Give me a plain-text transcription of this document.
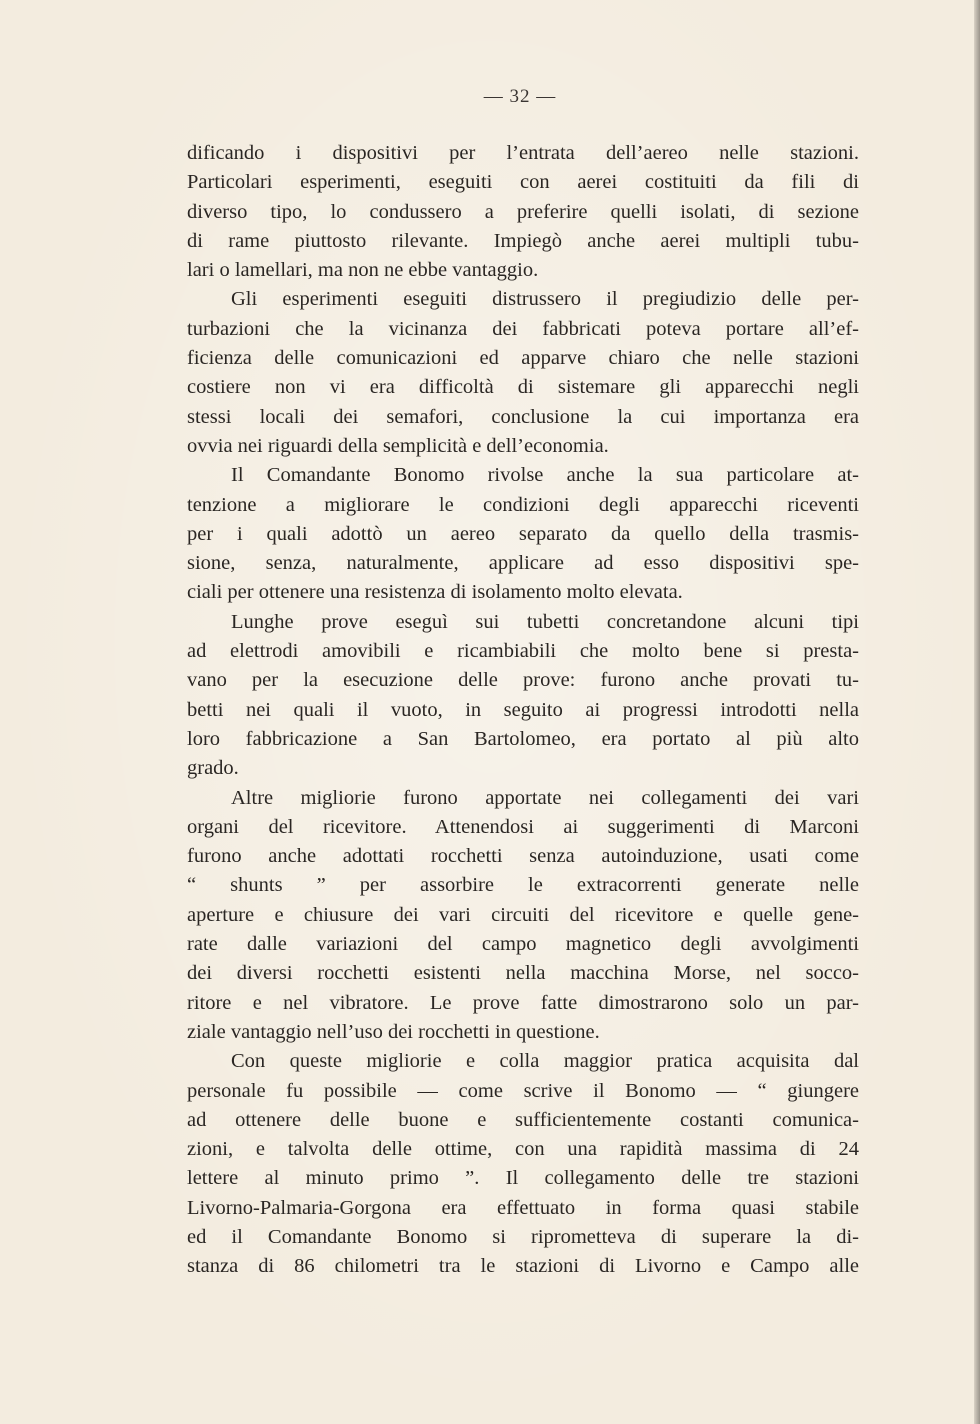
— 32 —
dificando i dispositivi per l’entrata dell’aereo nelle stazioni.
Particolari esperimenti, eseguiti con aerei costituiti da fili di
diverso tipo, lo condussero a preferire quelli isolati, di sezione
di rame piuttosto rilevante. Impiegò anche aerei multipli tubu-
lari o lamellari, ma non ne ebbe vantaggio.
Gli esperimenti eseguiti distrussero il pregiudizio delle per-
turbazioni che la vicinanza dei fabbricati poteva portare all’ef-
ficienza delle comunicazioni ed apparve chiaro che nelle stazioni
costiere non vi era difficoltà di sistemare gli apparecchi negli
stessi locali dei semafori, conclusione la cui importanza era
ovvia nei riguardi della semplicità e dell’economia.
Il Comandante Bonomo rivolse anche la sua particolare at-
tenzione a migliorare le condizioni degli apparecchi riceventi
per i quali adottò un aereo separato da quello della trasmis-
sione, senza, naturalmente, applicare ad esso dispositivi spe-
ciali per ottenere una resistenza di isolamento molto elevata.
Lunghe prove eseguì sui tubetti concretandone alcuni tipi
ad elettrodi amovibili e ricambiabili che molto bene si presta-
vano per la esecuzione delle prove: furono anche provati tu-
betti nei quali il vuoto, in seguito ai progressi introdotti nella
loro fabbricazione a San Bartolomeo, era portato al più alto
grado.
Altre migliorie furono apportate nei collegamenti dei vari
organi del ricevitore. Attenendosi ai suggerimenti di Marconi
furono anche adottati rocchetti senza autoinduzione, usati come
“ shunts ” per assorbire le extracorrenti generate nelle
aperture e chiusure dei vari circuiti del ricevitore e quelle gene-
rate dalle variazioni del campo magnetico degli avvolgimenti
dei diversi rocchetti esistenti nella macchina Morse, nel socco-
ritore e nel vibratore. Le prove fatte dimostrarono solo un par-
ziale vantaggio nell’uso dei rocchetti in questione.
Con queste migliorie e colla maggior pratica acquisita dal
personale fu possibile — come scrive il Bonomo — “ giungere
ad ottenere delle buone e sufficientemente costanti comunica-
zioni, e talvolta delle ottime, con una rapidità massima di 24
lettere al minuto primo ”. Il collegamento delle tre stazioni
Livorno-Palmaria-Gorgona era effettuato in forma quasi stabile
ed il Comandante Bonomo si riprometteva di superare la di-
stanza di 86 chilometri tra le stazioni di Livorno e Campo alle
